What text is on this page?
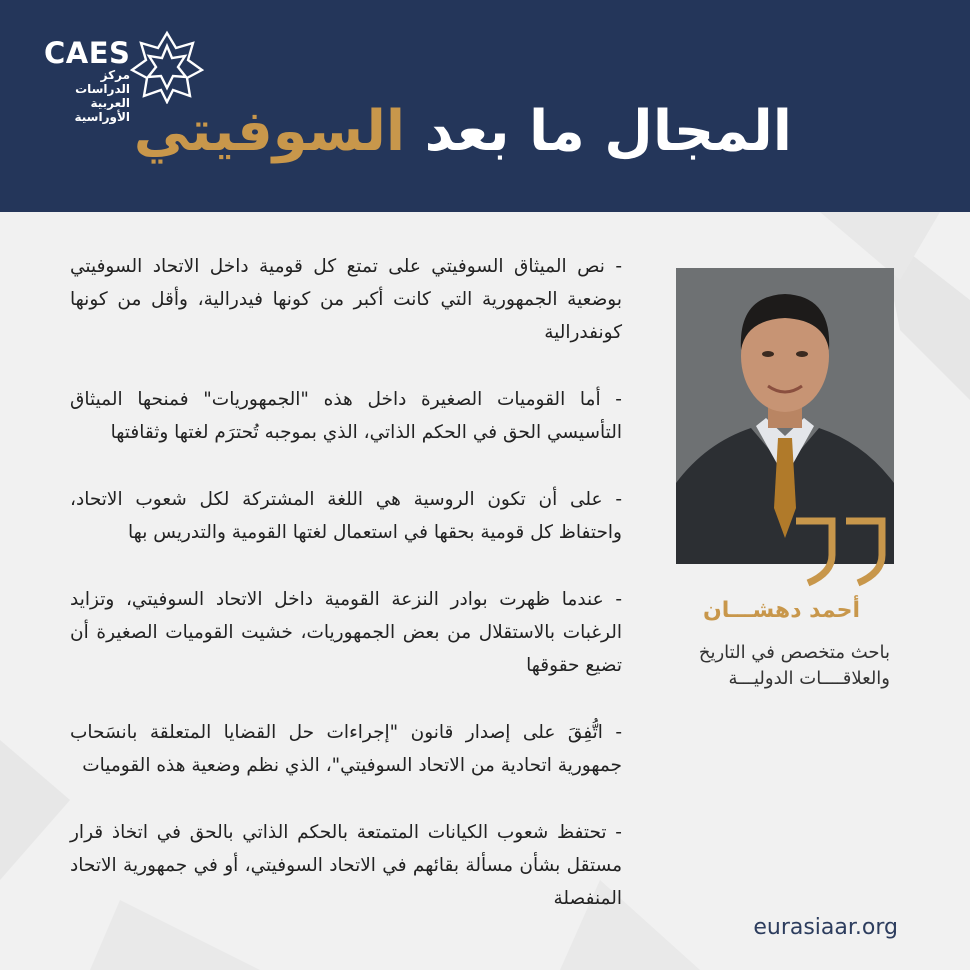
CAES
مركز الدراسات
العربية الأوراسية	المجال ما بعد السوفيتي

- نص الميثاق السوفيتي على تمتع كل قومية داخل الاتحاد السوفيتي بوضعية الجمهورية التي كانت أكبر من كونها فيدرالية، وأقل من كونها كونفدرالية

- أما القوميات الصغيرة داخل هذه "الجمهوريات" فمنحها الميثاق التأسيسي الحق في الحكم الذاتي، الذي بموجبه تُحترَم لغتها وثقافتها

- على أن تكون الروسية هي اللغة المشتركة لكل شعوب الاتحاد، واحتفاظ كل قومية بحقها في استعمال لغتها القومية والتدريس بها

- عندما ظهرت بوادر النزعة القومية داخل الاتحاد السوفيتي، وتزايد الرغبات بالاستقلال من بعض الجمهوريات، خشيت القوميات الصغيرة أن تضيع حقوقها

- اتُّفِقَ على إصدار قانون "إجراءات حل القضايا المتعلقة بانسَحاب جمهورية اتحادية من الاتحاد السوفيتي"، الذي نظم وضعية هذه القوميات

- تحتفظ شعوب الكيانات المتمتعة بالحكم الذاتي بالحق في اتخاذ قرار مستقل بشأن مسألة بقائهم في الاتحاد السوفيتي، أو في جمهورية الاتحاد المنفصلة

أحمد دهشـــان
باحث متخصص في التاريخ
والعلاقــــات الدوليـــة
eurasiaar.org
